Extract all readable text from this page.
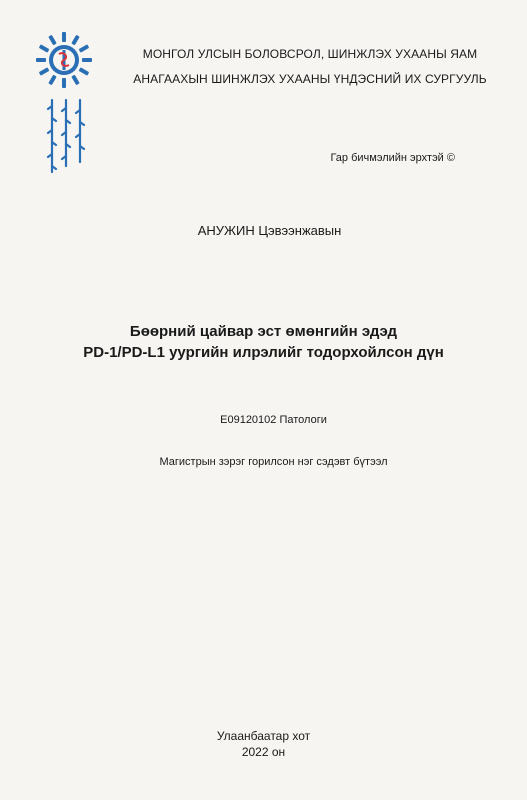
МОНГОЛ УЛСЫН БОЛОВСРОЛ, ШИНЖЛЭХ УХААНЫ ЯАМ
АНАГААХЫН ШИНЖЛЭХ УХААНЫ ҮНДЭСНИЙ ИХ СУРГУУЛЬ
Гар бичмэлийн эрхтэй ©
АНУЖИН Цэвээнжавын
Бөөрний цайвар эст өмөнгийн эдэд
PD-1/PD-L1 уургийн илрэлийг тодорхойлсон дүн
E09120102 Патологи
Магистрын зэрэг горилсон нэг сэдэвт бүтээл
Улаанбаатар хот
2022 он
